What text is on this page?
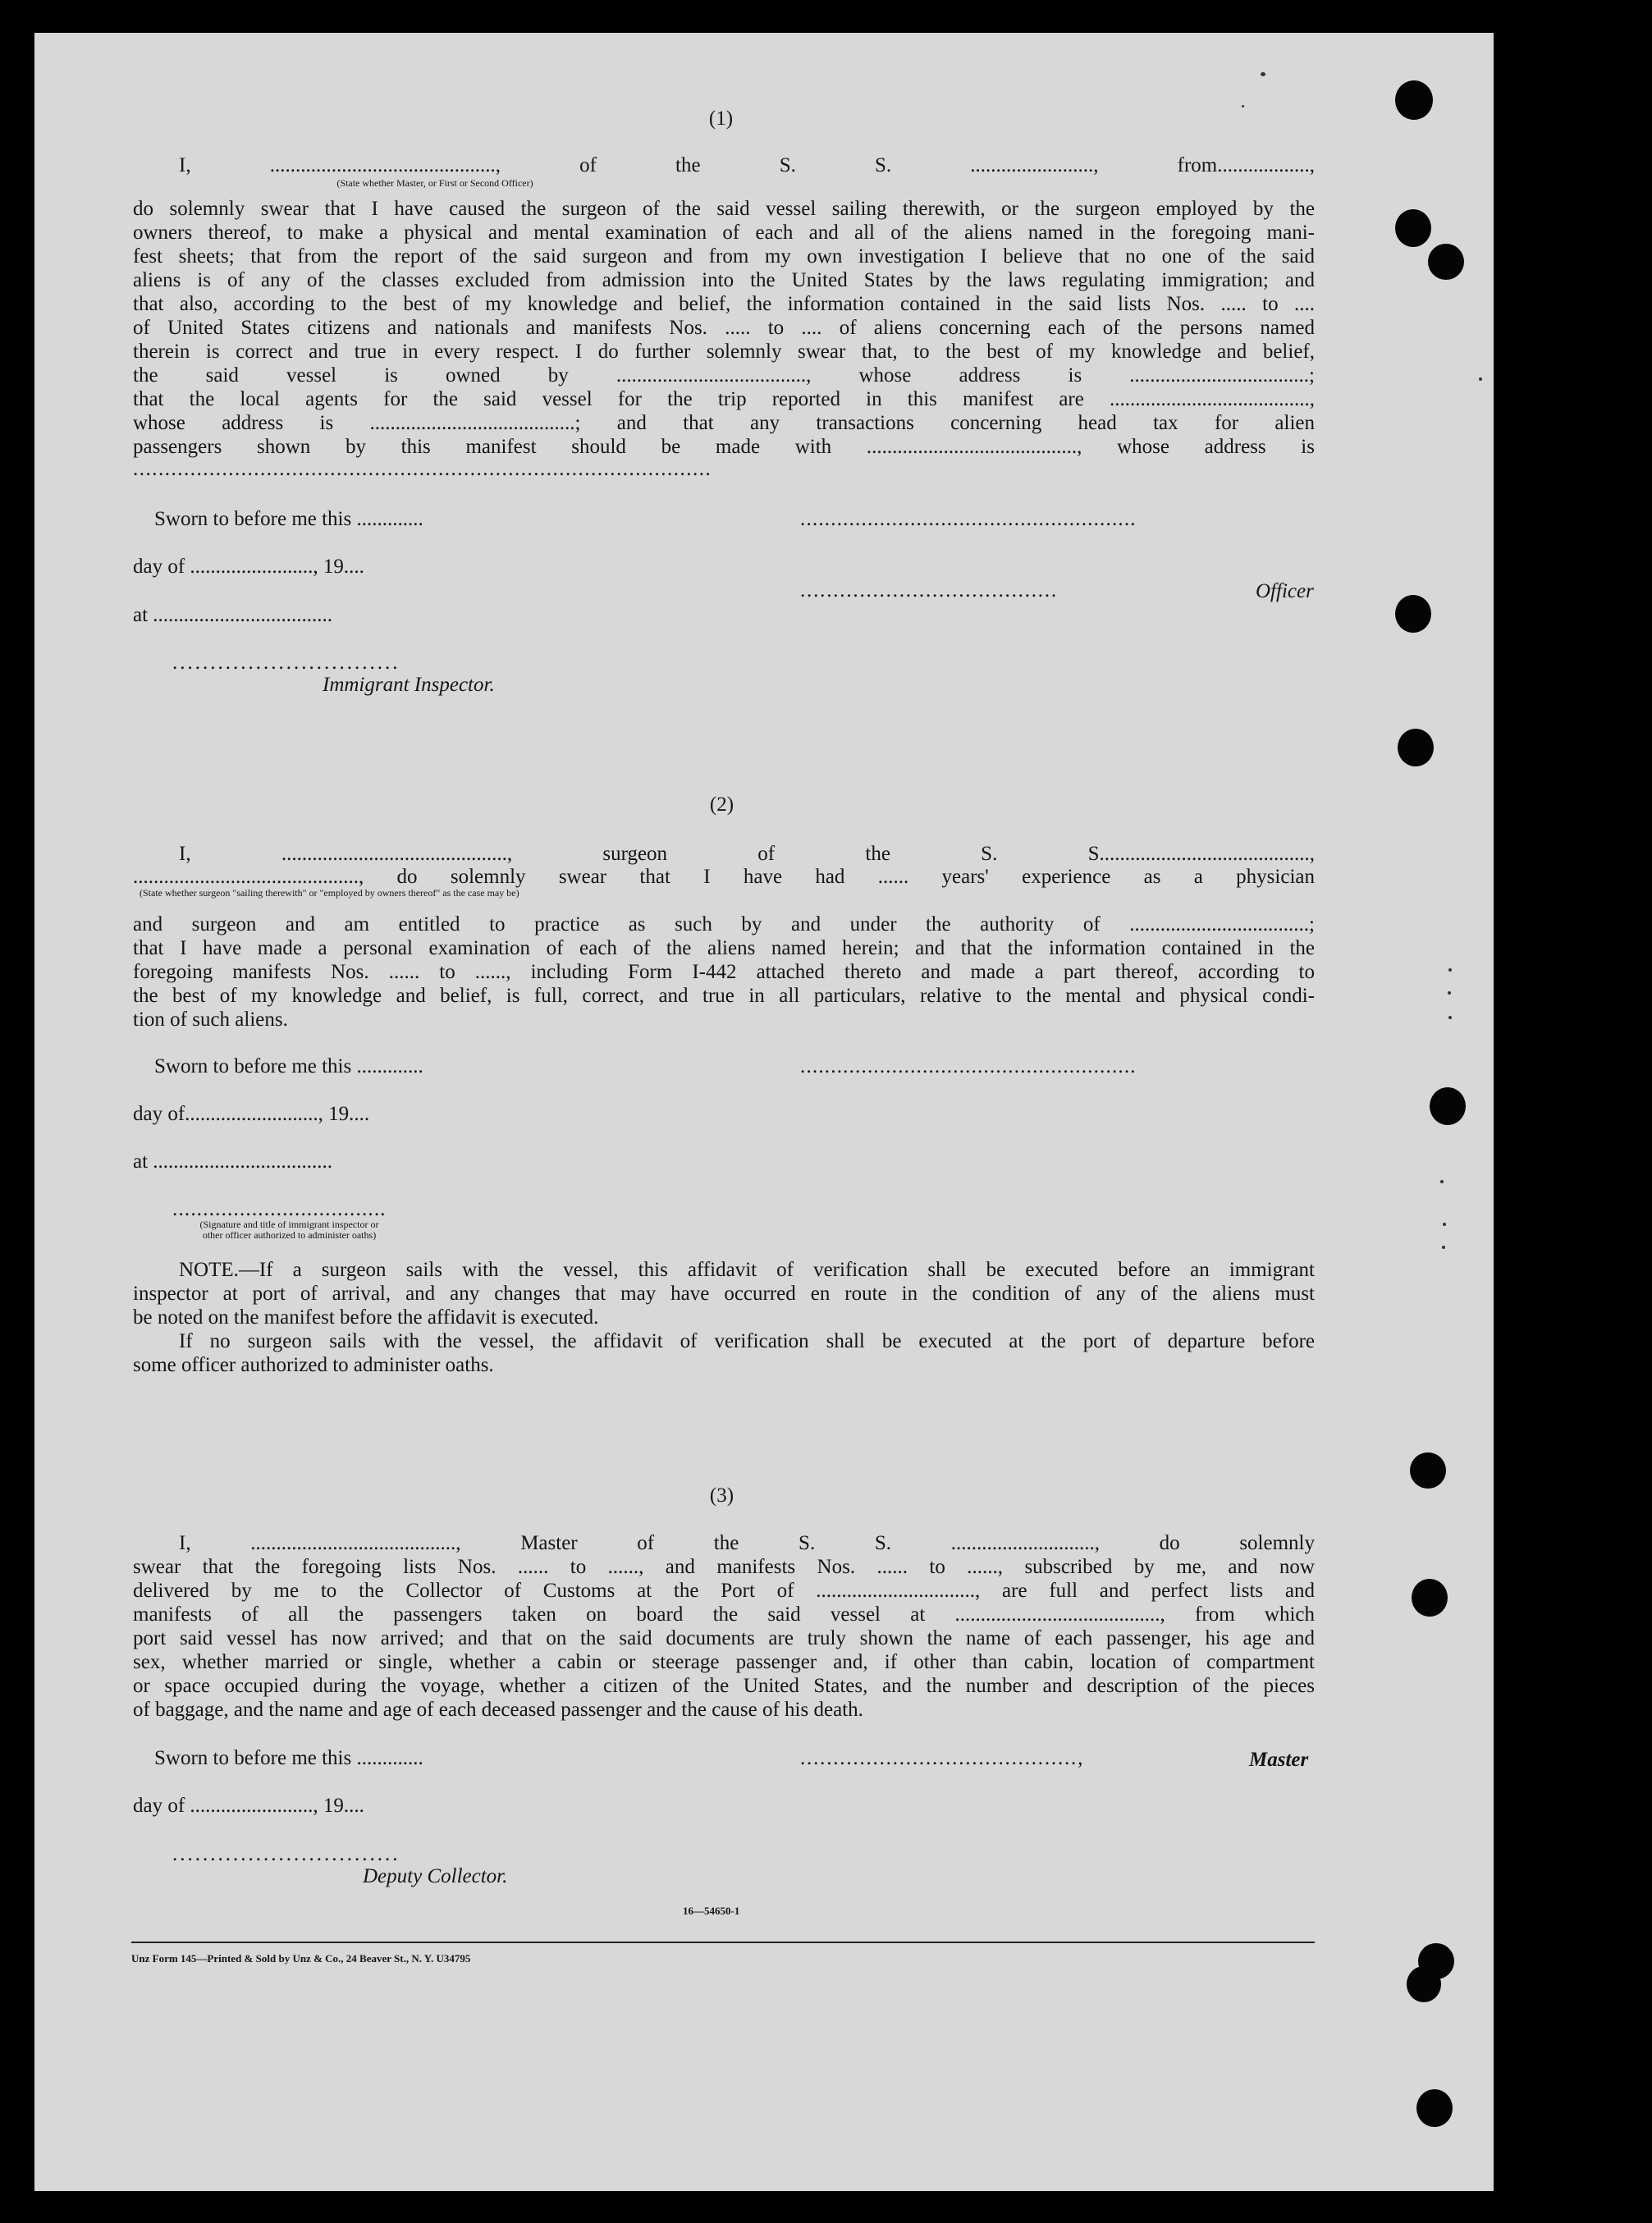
(1)
I, ............................................, of the S. S. ........................, from..................,
(State whether Master, or First or Second Officer)
do solemnly swear that I have caused the surgeon of the said vessel sailing therewith, or the surgeon employed by the
owners thereof, to make a physical and mental examination of each and all of the aliens named in the foregoing mani-
fest sheets; that from the report of the said surgeon and from my own investigation I believe that no one of the said
aliens is of any of the classes excluded from admission into the United States by the laws regulating immigration; and
that also, according to the best of my knowledge and belief, the information contained in the said lists Nos. ..... to ....
of United States citizens and nationals and manifests Nos. ..... to .... of aliens concerning each of the persons named
therein is correct and true in every respect. I do further solemnly swear that, to the best of my knowledge and belief,
the said vessel is owned by ....................................., whose address is ...................................;
that the local agents for the said vessel for the trip reported in this manifest are .......................................,
whose address is ........................................; and that any transactions concerning head tax for alien
passengers shown by this manifest should be made with ........................................., whose address is
...........................................................................................
Sworn to before me this .............	.......................................................
day of ........................, 19....
.......................................	Officer
at ...................................
..............................
Immigrant Inspector.
(2)
I, ............................................, surgeon of the S. S.........................................,
............................................, do solemnly swear that I have had ...... years' experience as a physician
(State whether surgeon "sailing therewith" or "employed by owners thereof" as the case may be)
and surgeon and am entitled to practice as such by and under the authority of ...................................;
that I have made a personal examination of each of the aliens named herein; and that the information contained in the
foregoing manifests Nos. ...... to ......, including Form I-442 attached thereto and made a part thereof, according to
the best of my knowledge and belief, is full, correct, and true in all particulars, relative to the mental and physical condi-
tion of such aliens.
Sworn to before me this .............	.......................................................
day of.........................., 19....
at ...................................
...................................
(Signature and title of immigrant inspector or other officer authorized to administer oaths)
NOTE.—If a surgeon sails with the vessel, this affidavit of verification shall be executed before an immigrant
inspector at port of arrival, and any changes that may have occurred en route in the condition of any of the aliens must
be noted on the manifest before the affidavit is executed.
If no surgeon sails with the vessel, the affidavit of verification shall be executed at the port of departure before
some officer authorized to administer oaths.
(3)
I, ........................................, Master of the S. S. ............................, do solemnly
swear that the foregoing lists Nos. ...... to ......, and manifests Nos. ...... to ......, subscribed by me, and now
delivered by me to the Collector of Customs at the Port of ..............................., are full and perfect lists and
manifests of all the passengers taken on board the said vessel at ........................................, from which
port said vessel has now arrived; and that on the said documents are truly shown the name of each passenger, his age and
sex, whether married or single, whether a cabin or steerage passenger and, if other than cabin, location of compartment
or space occupied during the voyage, whether a citizen of the United States, and the number and description of the pieces
of baggage, and the name and age of each deceased passenger and the cause of his death.
Sworn to before me this .............	..........................................,	Master
day of ........................, 19....
..............................
Deputy Collector.
16—54650-1
Unz Form 145—Printed & Sold by Unz & Co., 24 Beaver St., N. Y. U34795
